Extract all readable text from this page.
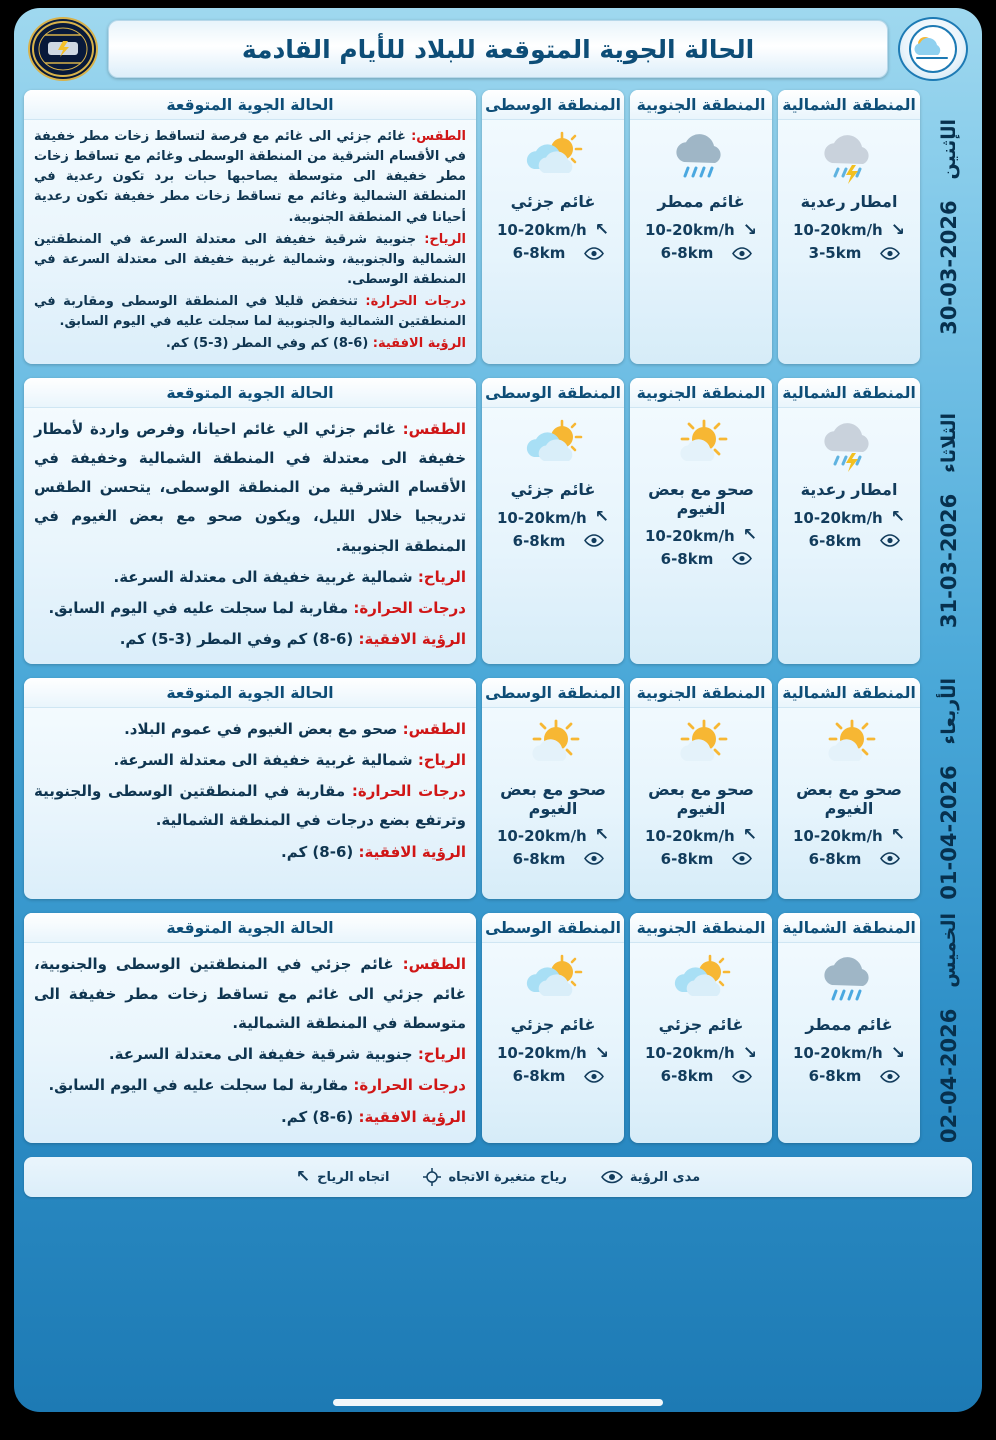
الحالة الجوية المتوقعة للبلاد للأيام القادمة
الإثنين   2026-03-30
المنطقة الشمالية
امطار رعدية
10-20km/h ↘
3-5km
المنطقة الجنوبية
غائم ممطر
10-20km/h ↘
6-8km
المنطقة الوسطى
غائم جزئي
10-20km/h ↖
6-8km
الحالة الجوية المتوقعة

الطقس: غائم جزئي الى غائم مع فرصة لتساقط زخات مطر خفيفة في الأقسام الشرقية من المنطقة الوسطى وغائم مع تساقط زخات مطر خفيفة الى متوسطة يصاحبها حبات برد تكون رعدية في المنطقة الشمالية وغائم مع تساقط زخات مطر خفيفة تكون رعدية أحيانا في المنطقة الجنوبية.

الرياح: جنوبية شرقية خفيفة الى معتدلة السرعة في المنطقتين الشمالية والجنوبية، وشمالية غربية خفيفة الى معتدلة السرعة في المنطقة الوسطى.

درجات الحرارة: تنخفض قليلا في المنطقة الوسطى ومقاربة في المنطقتين الشمالية والجنوبية لما سجلت عليه في اليوم السابق.

الرؤية الافقية: (6-8) كم وفي المطر (3-5) كم.

الثلاثاء   2026-03-31
المنطقة الشمالية
امطار رعدية
10-20km/h ↖
6-8km
المنطقة الجنوبية
صحو مع بعض الغيوم
10-20km/h ↖
6-8km
المنطقة الوسطى
غائم جزئي
10-20km/h ↖
6-8km
الحالة الجوية المتوقعة

الطقس: غائم جزئي الي غائم احيانا، وفرص واردة لأمطار خفيفة الى معتدلة في المنطقة الشمالية وخفيفة في الأقسام الشرقية من المنطقة الوسطى، يتحسن الطقس تدريجيا خلال الليل، ويكون صحو مع بعض الغيوم في المنطقة الجنوبية.

الرياح: شمالية غربية خفيفة الى معتدلة السرعة.

درجات الحرارة: مقاربة لما سجلت عليه في اليوم السابق.

الرؤية الافقية: (6-8) كم وفي المطر (3-5) كم.

الأربعاء   2026-04-01
المنطقة الشمالية
صحو مع بعض الغيوم
10-20km/h ↖
6-8km
المنطقة الجنوبية
صحو مع بعض الغيوم
10-20km/h ↖
6-8km
المنطقة الوسطى
صحو مع بعض الغيوم
10-20km/h ↖
6-8km
الحالة الجوية المتوقعة

الطقس: صحو مع بعض الغيوم في عموم البلاد.

الرياح: شمالية غربية خفيفة الى معتدلة السرعة.

درجات الحرارة: مقاربة في المنطقتين الوسطى والجنوبية وترتفع بضع درجات في المنطقة الشمالية.

الرؤية الافقية: (6-8) كم.

الخميس   2026-04-02
المنطقة الشمالية
غائم ممطر
10-20km/h ↘
6-8km
المنطقة الجنوبية
غائم جزئي
10-20km/h ↘
6-8km
المنطقة الوسطى
غائم جزئي
10-20km/h ↘
6-8km
الحالة الجوية المتوقعة

الطقس: غائم جزئي في المنطقتين الوسطى والجنوبية، غائم جزئي الى غائم مع تساقط زخات مطر خفيفة الى متوسطة في المنطقة الشمالية.

الرياح: جنوبية شرقية خفيفة الى معتدلة السرعة.

درجات الحرارة: مقاربة لما سجلت عليه في اليوم السابق.

الرؤية الافقية: (6-8) كم.

مدى الرؤية
رياح متغيرة الاتجاه
اتجاه الرياح
↖
